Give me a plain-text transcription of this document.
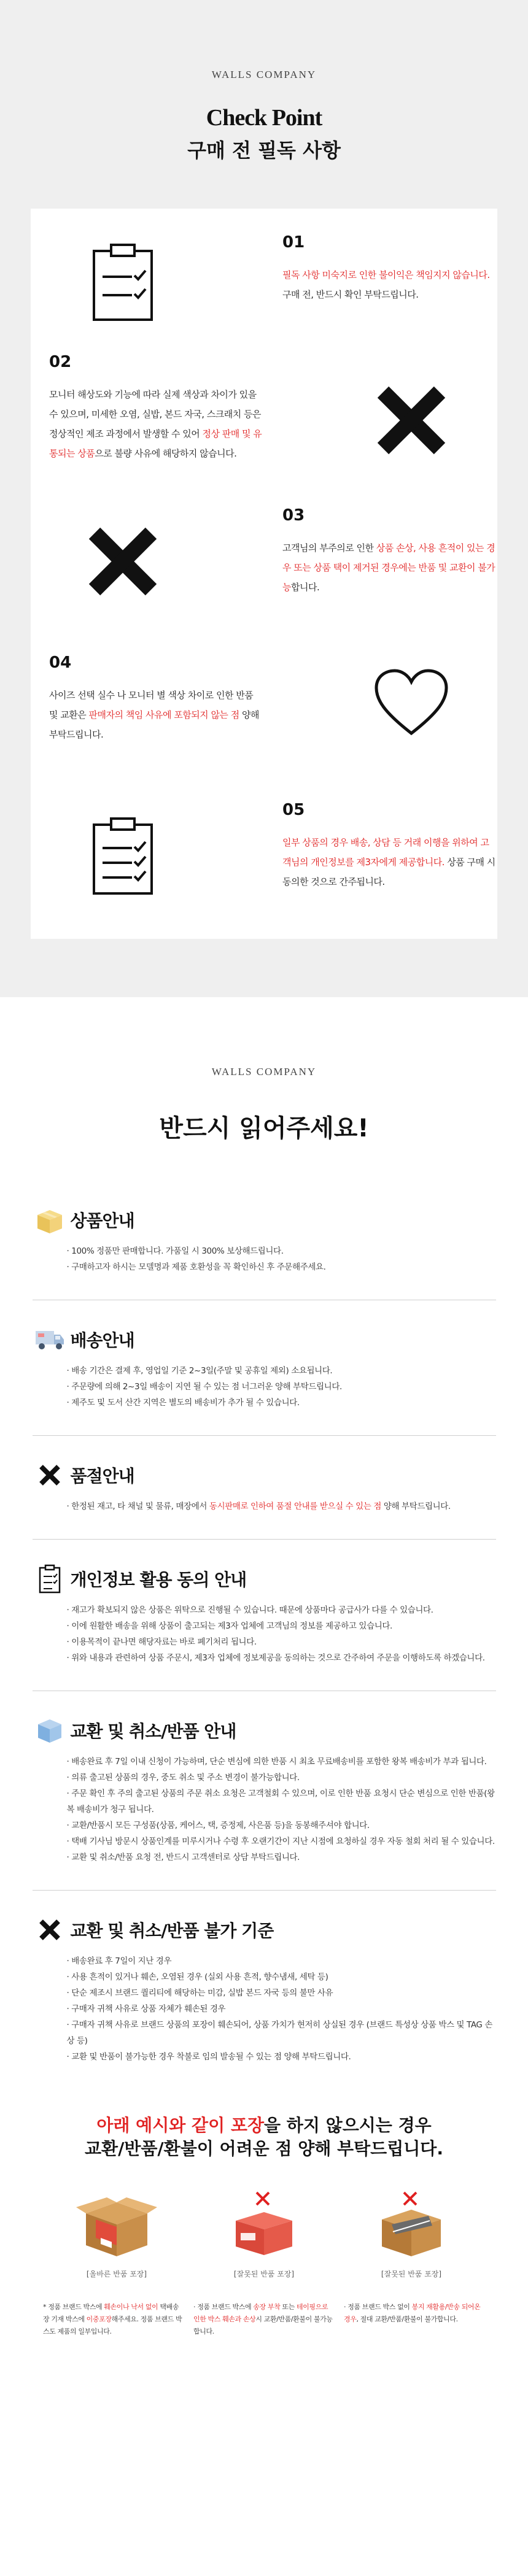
WALLS COMPANY
Check Point
구매 전 필독 사항
01
필독 사항 미숙지로 인한 불이익은 책임지지 않습니다. 구매 전, 반드시 확인 부탁드립니다.
02
모니터 해상도와 기능에 따라 실제 색상과 차이가 있을 수 있으며, 미세한 오염, 실밥, 본드 자국, 스크래치 등은 정상적인 제조 과정에서 발생할 수 있어 정상 판매 및 유통되는 상품으로 불량 사유에 해당하지 않습니다.
03
고객님의 부주의로 인한 상품 손상, 사용 흔적이 있는 경우 또는 상품 택이 제거된 경우에는 반품 및 교환이 불가능합니다.
04
사이즈 선택 실수 나 모니터 별 색상 차이로 인한 반품 및 교환은 판매자의 책임 사유에 포함되지 않는 점 양해 부탁드립니다.
05
일부 상품의 경우 배송, 상담 등 거래 이행을 위하여 고객님의 개인정보를 제3자에게 제공합니다. 상품 구매 시 동의한 것으로 간주됩니다.
WALLS COMPANY
반드시 읽어주세요!
상품안내
· 100% 정품만 판매합니다. 가품일 시 300% 보상해드립니다.
· 구매하고자 하시는 모델명과 제품 호환성을 꼭 확인하신 후 주문해주세요.
배송안내
· 배송 기간은 결제 후, 영업일 기준 2~3일(주말 및 공휴일 제외) 소요됩니다.
· 주문량에 의해 2~3일 배송이 지연 될 수 있는 점 너그러운 양해 부탁드립니다.
· 제주도 및 도서 산간 지역은 별도의 배송비가 추가 될 수 있습니다.
품절안내
· 한정된 재고, 타 채널 및 물류, 매장에서 동시판매로 인하여 품절 안내를 받으실 수 있는 점 양해 부탁드립니다.
개인정보 활용 동의 안내
· 재고가 확보되지 않은 상품은 위탁으로 진행될 수 있습니다. 때문에 상품마다 공급사가 다를 수 있습니다.
· 이에 원활한 배송을 위해 상품이 출고되는 제3자 업체에 고객님의 정보를 제공하고 있습니다.
· 이용목적이 끝나면 해당자료는 바로 폐기처리 됩니다.
· 위와 내용과 관련하여 상품 주문시, 제3자 업체에 정보제공을 동의하는 것으로 간주하여 주문을 이행하도록 하겠습니다.
교환 및 취소/반품 안내
· 배송완료 후 7일 이내 신청이 가능하며, 단순 변심에 의한 반품 시 최초 무료배송비를 포함한 왕복 배송비가 부과 됩니다.
· 의류 출고된 상품의 경우, 중도 취소 및 주소 변경이 불가능합니다.
· 주문 확인 후 주의 출고된 상품의 주문 취소 요청은 고객철회 수 있으며, 이로 인한 반품 요청시 단순 변심으로 인한 반품(왕복 배송비가 청구 됩니다.
· 교환/반품시 모든 구성품(상품, 케어스, 택, 증정제, 사은품 등)을 동봉해주셔야 합니다.
· 택배 기사님 방문시 상품인계를 미루시거나 수령 후 오랜기간이 지난 시점에 요청하실 경우 자동 철회 처리 될 수 있습니다.
· 교환 및 취소/반품 요청 전, 반드시 고객센터로 상담 부탁드립니다.
교환 및 취소/반품 불가 기준
· 배송완료 후 7일이 지난 경우
· 사용 흔적이 있거나 훼손, 오염된 경우 (실외 사용 흔적, 향수냄새, 세탁 등)
· 단순 제조시 브랜드 퀄리티에 해당하는 미감, 실밥 본드 자국 등의 불만 사유
· 구매자 귀책 사유로 상품 자체가 훼손된 경우
· 구매자 귀책 사유로 브랜드 상품의 포장이 훼손되어, 상품 가치가 현저히 상실된 경우 (브랜드 특성상 상품 박스 및 TAG 손상 등)
· 교환 및 반품이 불가능한 경우 착불로 임의 발송될 수 있는 점 양해 부탁드립니다.
아래 예시와 같이 포장을 하지 않으시는 경우
교환/반품/환불이 어려운 점 양해 부탁드립니다.
[올바른 반품 포장]	[잘못된 반품 포장]	[잘못된 반품 포장]
* 정품 브랜드 박스에 훼손이나 낙서 없이 택배송장 기재 박스에 이중포장해주세요. 정품 브랜드 박스도 제품의 일부입니다.
· 정품 브랜드 박스에 송장 부착 또는 테이핑으로 인한 박스 훼손과 손상시 교환/반품/환불이 불가능합니다.
· 정품 브랜드 박스 없이 봉지 재활용/반송 되어온 경우, 절대 교환/반품/환불이 불가합니다.
